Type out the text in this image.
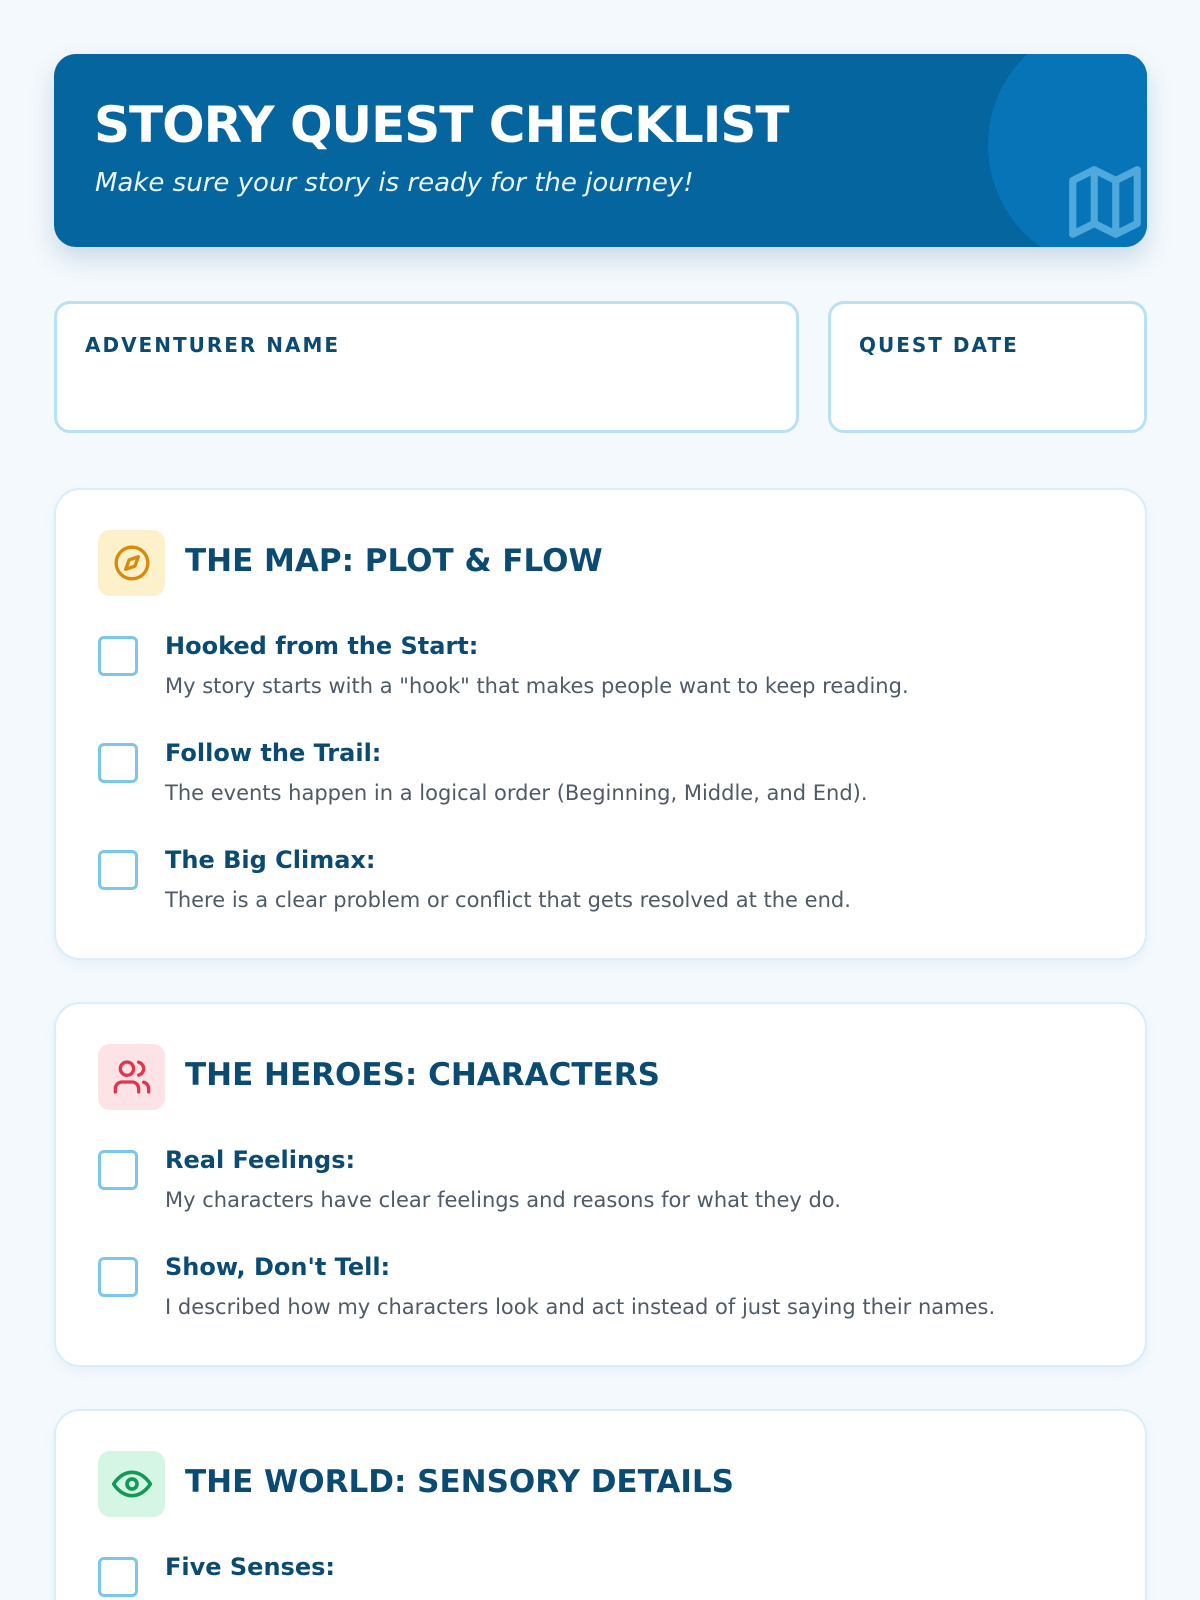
STORY QUEST CHECKLIST
Make sure your story is ready for the journey!
ADVENTURER NAME	QUEST DATE
THE MAP: PLOT & FLOW
Hooked from the Start:
My story starts with a "hook" that makes people want to keep reading.
Follow the Trail:
The events happen in a logical order (Beginning, Middle, and End).
The Big Climax:
There is a clear problem or conflict that gets resolved at the end.
THE HEROES: CHARACTERS
Real Feelings:
My characters have clear feelings and reasons for what they do.
Show, Don't Tell:
I described how my characters look and act instead of just saying their names.
THE WORLD: SENSORY DETAILS
Five Senses:
